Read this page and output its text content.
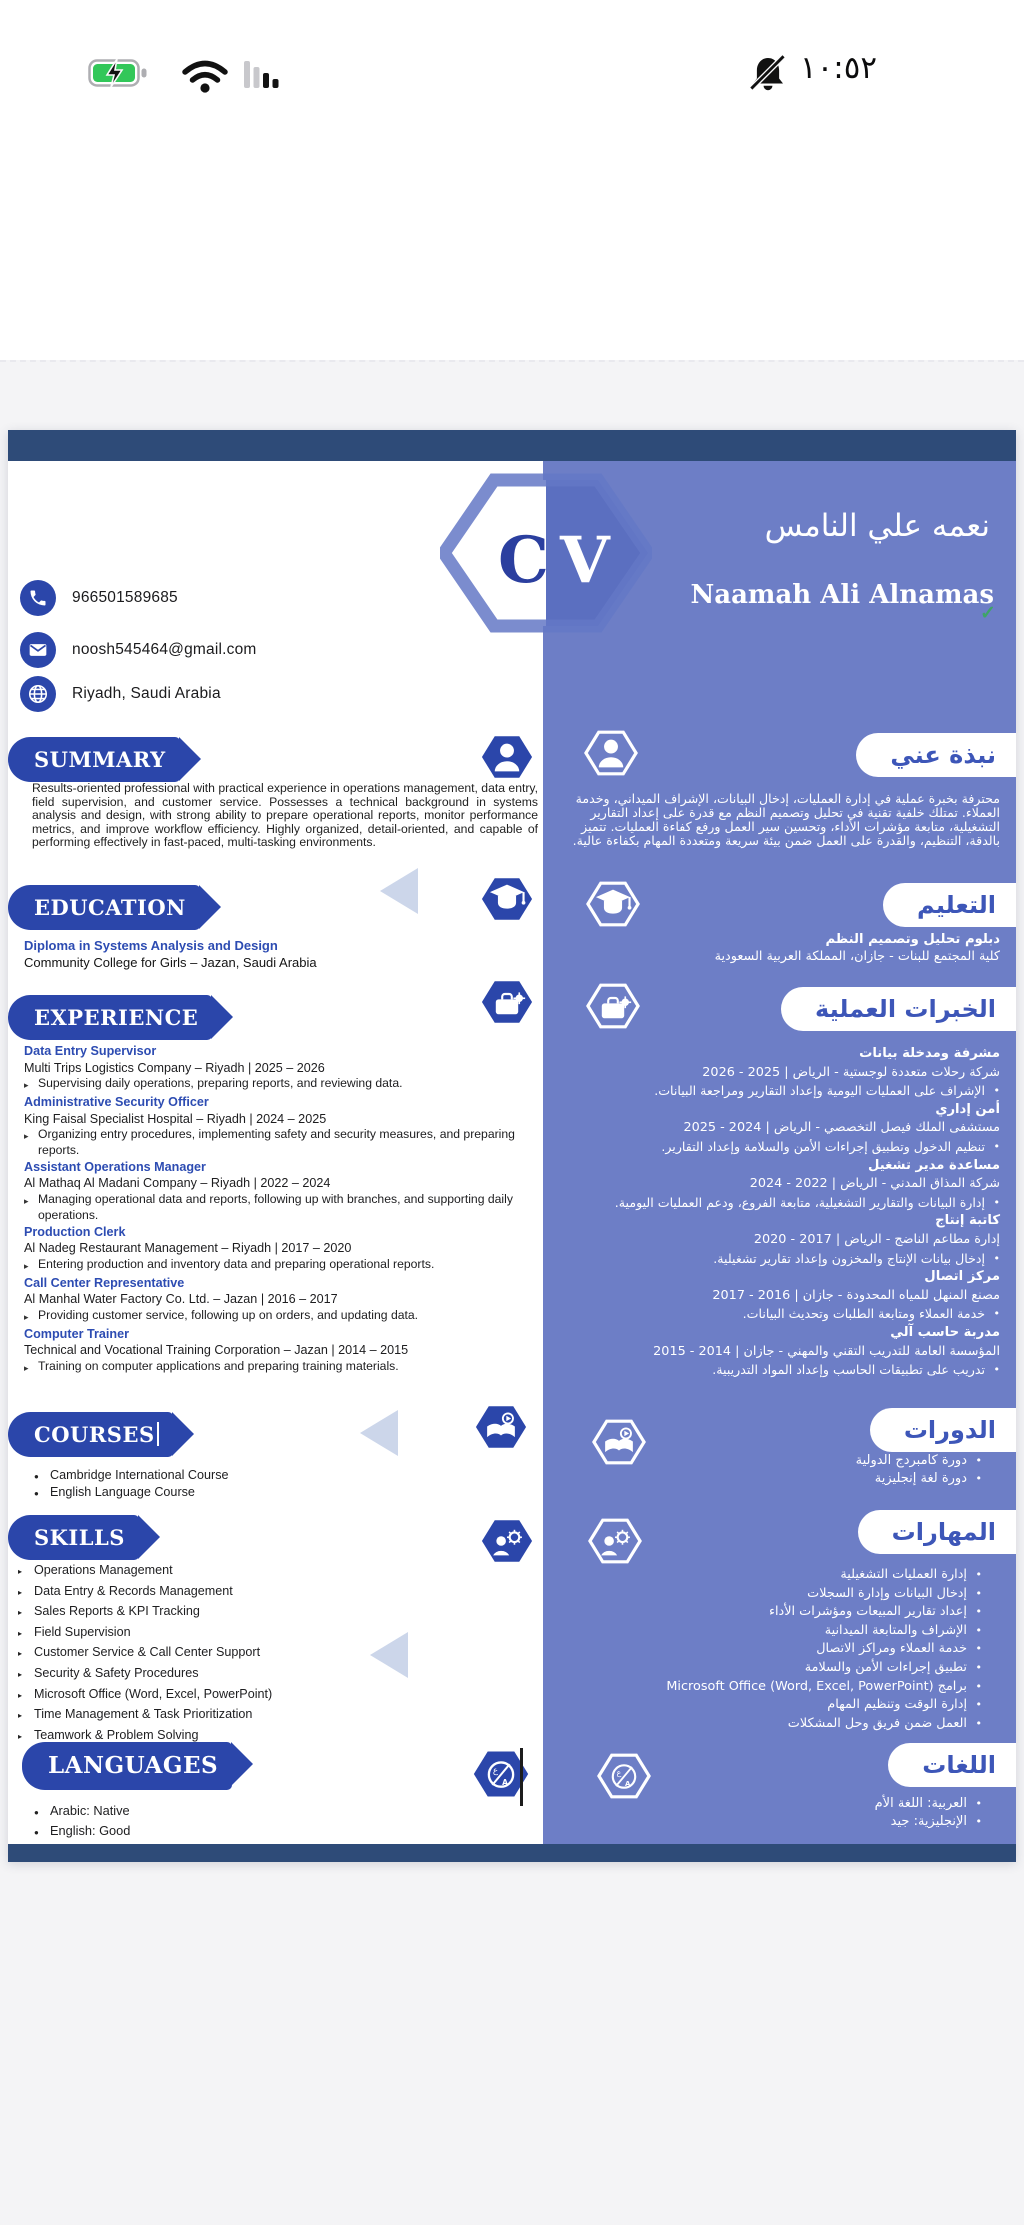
١٠:٥٢
C V	نعمه علي النامس
Naamah Ali Alnamas
✓
966501589685
noosh545464@gmail.com
Riyadh, Saudi Arabia
SUMMARY
EDUCATION
EXPERIENCE
COURSES
SKILLS
LANGUAGES
Results-oriented professional with practical experience in operations management, data entry, field supervision, and customer service. Possesses a technical background in systems analysis and design, with strong ability to prepare operational reports, monitor performance metrics, and improve workflow efficiency. Highly organized, detail-oriented, and capable of performing effectively in fast-paced, multi-tasking environments.
Diploma in Systems Analysis and Design
Community College for Girls – Jazan, Saudi Arabia
Data Entry Supervisor
Multi Trips Logistics Company – Riyadh | 2025 – 2026
▸ Supervising daily operations, preparing reports, and reviewing data.
Administrative Security Officer
King Faisal Specialist Hospital – Riyadh | 2024 – 2025
▸ Organizing entry procedures, implementing safety and security measures, and preparing reports.
Assistant Operations Manager
Al Mathaq Al Madani Company – Riyadh | 2022 – 2024
▸ Managing operational data and reports, following up with branches, and supporting daily operations.
Production Clerk
Al Nadeg Restaurant Management – Riyadh | 2017 – 2020
▸ Entering production and inventory data and preparing operational reports.
Call Center Representative
Al Manhal Water Factory Co. Ltd. – Jazan | 2016 – 2017
▸ Providing customer service, following up on orders, and updating data.
Computer Trainer
Technical and Vocational Training Corporation – Jazan | 2014 – 2015
▸ Training on computer applications and preparing training materials.
● Cambridge International Course
● English Language Course
▸ Operations Management
▸ Data Entry & Records Management
▸ Sales Reports & KPI Tracking
▸ Field Supervision
▸ Customer Service & Call Center Support
▸ Security & Safety Procedures
▸ Microsoft Office (Word, Excel, PowerPoint)
▸ Time Management & Task Prioritization
▸ Teamwork & Problem Solving
● Arabic: Native
● English: Good
نبذة عني
التعليم
الخبرات العملية
الدورات
المهارات
اللغات
محترفة بخبرة عملية في إدارة العمليات، إدخال البيانات، الإشراف الميداني، وخدمة العملاء. تمتلك خلفية تقنية في تحليل وتصميم النظم مع قدرة على إعداد التقارير التشغيلية، متابعة مؤشرات الأداء، وتحسين سير العمل ورفع كفاءة العمليات. تتميز بالدقة، التنظيم، والقدرة على العمل ضمن بيئة سريعة ومتعددة المهام بكفاءة عالية.
دبلوم تحليل وتصميم النظم
كلية المجتمع للبنات - جازان، المملكة العربية السعودية
مشرفة ومدخلة بيانات
شركة رحلات متعددة لوجستية - الرياض | 2025 - 2026
•
الإشراف على العمليات اليومية وإعداد التقارير ومراجعة البيانات.
أمن إداري
مستشفى الملك فيصل التخصصي - الرياض | 2024 - 2025
•
تنظيم الدخول وتطبيق إجراءات الأمن والسلامة وإعداد التقارير.
مساعدة مدير تشغيل
شركة المذاق المدني - الرياض | 2022 - 2024
•
إدارة البيانات والتقارير التشغيلية، متابعة الفروع، ودعم العمليات اليومية.
كاتبة إنتاج
إدارة مطاعم الناضج - الرياض | 2017 - 2020
•
إدخال بيانات الإنتاج والمخزون وإعداد تقارير تشغيلية.
مركز اتصال
مصنع المنهل للمياه المحدودة - جازان | 2016 - 2017
•
خدمة العملاء ومتابعة الطلبات وتحديث البيانات.
مدربة حاسب آلي
المؤسسة العامة للتدريب التقني والمهني - جازان | 2014 - 2015
•
تدريب على تطبيقات الحاسب وإعداد المواد التدريبية.
•
دورة كامبردج الدولية
•
دورة لغة إنجليزية
•
إدارة العمليات التشغيلية
•
إدخال البيانات وإدارة السجلات
•
إعداد تقارير المبيعات ومؤشرات الأداء
•
الإشراف والمتابعة الميدانية
•
خدمة العملاء ومراكز الاتصال
•
تطبيق إجراءات الأمن والسلامة
•
برامج Microsoft Office (Word, Excel, PowerPoint)
•
إدارة الوقت وتنظيم المهام
•
العمل ضمن فريق وحل المشكلات
•
العربية: اللغة الأم
•
الإنجليزية: جيد
